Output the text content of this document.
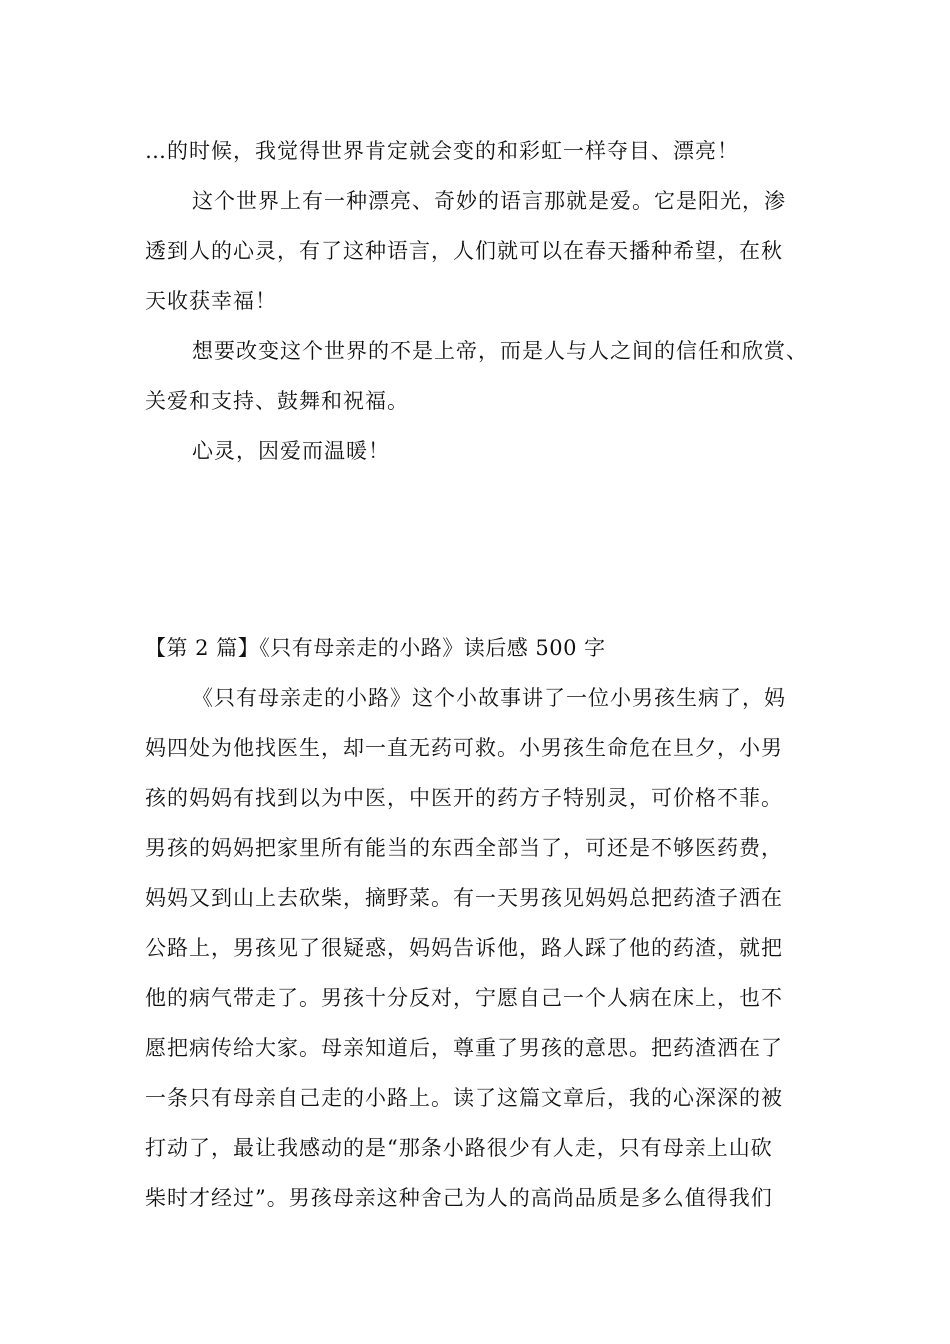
…的时候，我觉得世界肯定就会变的和彩虹一样夺目、漂亮！
这个世界上有一种漂亮、奇妙的语言那就是爱。它是阳光，渗
透到人的心灵，有了这种语言，人们就可以在春天播种希望，在秋
天收获幸福！
想要改变这个世界的不是上帝，而是人与人之间的信任和欣赏、
关爱和支持、鼓舞和祝福。
心灵，因爱而温暖！
【第 2 篇】《只有母亲走的小路》读后感 500 字
《只有母亲走的小路》这个小故事讲了一位小男孩生病了，妈
妈四处为他找医生，却一直无药可救。小男孩生命危在旦夕，小男
孩的妈妈有找到以为中医，中医开的药方子特别灵，可价格不菲。
男孩的妈妈把家里所有能当的东西全部当了，可还是不够医药费，
妈妈又到山上去砍柴，摘野菜。有一天男孩见妈妈总把药渣子洒在
公路上，男孩见了很疑惑，妈妈告诉他，路人踩了他的药渣，就把
他的病气带走了。男孩十分反对，宁愿自己一个人病在床上，也不
愿把病传给大家。母亲知道后，尊重了男孩的意思。把药渣洒在了
一条只有母亲自己走的小路上。读了这篇文章后，我的心深深的被
打动了，最让我感动的是“那条小路很少有人走，只有母亲上山砍
柴时才经过”。男孩母亲这种舍己为人的高尚品质是多么值得我们
